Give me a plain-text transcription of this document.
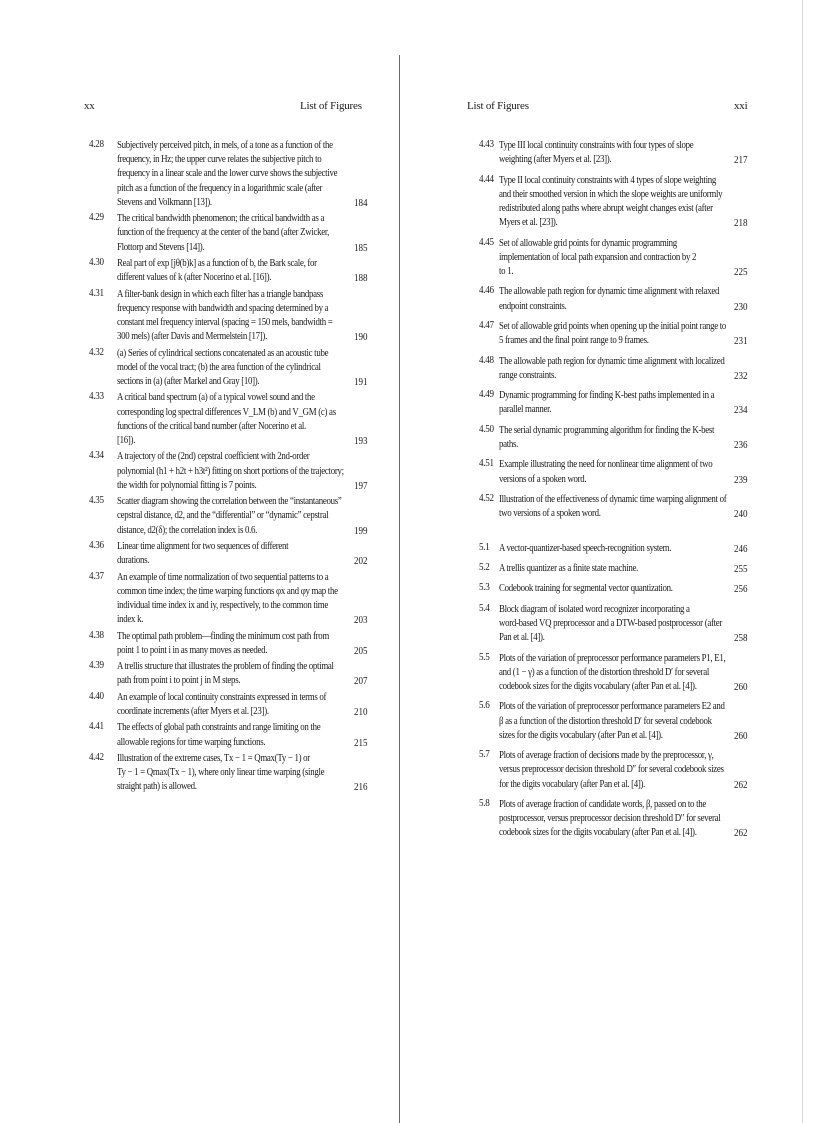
xx	List of Figures
4.28 Subjectively perceived pitch, in mels, of a tone as a function of the
frequency, in Hz; the upper curve relates the subjective pitch to
frequency in a linear scale and the lower curve shows the subjective
pitch as a function of the frequency in a logarithmic scale (after
Stevens and Volkmann [13]).	184
4.29 The critical bandwidth phenomenon; the critical bandwidth as a
function of the frequency at the center of the band (after Zwicker,
Flottorp and Stevens [14]).	185
4.30 Real part of exp [jθ(b)k] as a function of b, the Bark scale, for
different values of k (after Nocerino et al. [16]).	188
4.31 A filter-bank design in which each filter has a triangle bandpass
frequency response with bandwidth and spacing determined by a
constant mel frequency interval (spacing = 150 mels, bandwidth =
300 mels) (after Davis and Mermelstein [17]).	190
4.32 (a) Series of cylindrical sections concatenated as an acoustic tube
model of the vocal tract; (b) the area function of the cylindrical
sections in (a) (after Markel and Gray [10]).	191
4.33 A critical band spectrum (a) of a typical vowel sound and the
corresponding log spectral differences V_LM (b) and V_GM (c) as
functions of the critical band number (after Nocerino et al.
[16]).	193
4.34 A trajectory of the (2nd) cepstral coefficient with 2nd-order
polynomial (h1 + h2t + h3t²) fitting on short portions of the trajectory;
the width for polynomial fitting is 7 points.	197
4.35 Scatter diagram showing the correlation between the “instantaneous”
cepstral distance, d2, and the “differential” or “dynamic” cepstral
distance, d2(δ); the correlation index is 0.6.	199
4.36 Linear time alignment for two sequences of different
durations.	202
4.37 An example of time normalization of two sequential patterns to a
common time index; the time warping functions φx and φy map the
individual time index ix and iy, respectively, to the common time
index k.	203
4.38 The optimal path problem—finding the minimum cost path from
point 1 to point i in as many moves as needed.	205
4.39 A trellis structure that illustrates the problem of finding the optimal
path from point i to point j in M steps.	207
4.40 An example of local continuity constraints expressed in terms of
coordinate increments (after Myers et al. [23]).	210
4.41 The effects of global path constraints and range limiting on the
allowable regions for time warping functions.	215
4.42 Illustration of the extreme cases, Tx − 1 = Qmax(Ty − 1) or
Ty − 1 = Qmax(Tx − 1), where only linear time warping (single
straight path) is allowed.	216
List of Figures	xxi
4.43 Type III local continuity constraints with four types of slope
weighting (after Myers et al. [23]).	217
4.44 Type II local continuity constraints with 4 types of slope weighting
and their smoothed version in which the slope weights are uniformly
redistributed along paths where abrupt weight changes exist (after
Myers et al. [23]).	218
4.45 Set of allowable grid points for dynamic programming
implementation of local path expansion and contraction by 2
to 1.	225
4.46 The allowable path region for dynamic time alignment with relaxed
endpoint constraints.	230
4.47 Set of allowable grid points when opening up the initial point range to
5 frames and the final point range to 9 frames.	231
4.48 The allowable path region for dynamic time alignment with localized
range constraints.	232
4.49 Dynamic programming for finding K-best paths implemented in a
parallel manner.	234
4.50 The serial dynamic programming algorithm for finding the K-best
paths.	236
4.51 Example illustrating the need for nonlinear time alignment of two
versions of a spoken word.	239
4.52 Illustration of the effectiveness of dynamic time warping alignment of
two versions of a spoken word.	240
5.1 A vector-quantizer-based speech-recognition system.	246
5.2 A trellis quantizer as a finite state machine.	255
5.3 Codebook training for segmental vector quantization.	256
5.4 Block diagram of isolated word recognizer incorporating a
word-based VQ preprocessor and a DTW-based postprocessor (after
Pan et al. [4]).	258
5.5 Plots of the variation of preprocessor performance parameters P1, E1,
and (1 − γ) as a function of the distortion threshold D′ for several
codebook sizes for the digits vocabulary (after Pan et al. [4]).	260
5.6 Plots of the variation of preprocessor performance parameters E2 and
β as a function of the distortion threshold D′ for several codebook
sizes for the digits vocabulary (after Pan et al. [4]).	260
5.7 Plots of average fraction of decisions made by the preprocessor, γ,
versus preprocessor decision threshold D″ for several codebook sizes
for the digits vocabulary (after Pan et al. [4]).	262
5.8 Plots of average fraction of candidate words, β, passed on to the
postprocessor, versus preprocessor decision threshold D″ for several
codebook sizes for the digits vocabulary (after Pan et al. [4]).	262
